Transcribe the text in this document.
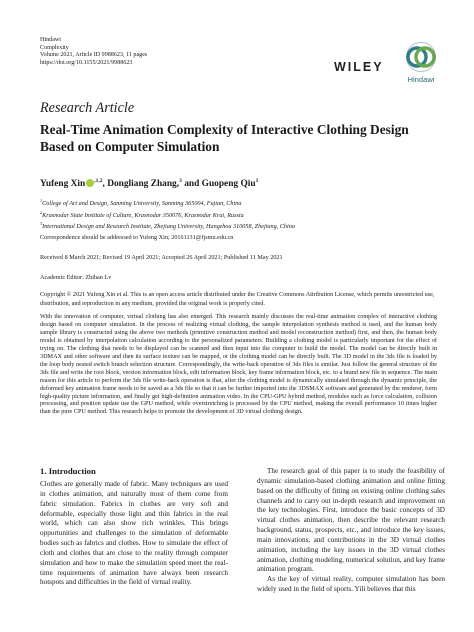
Hindawi
Complexity
Volume 2021, Article ID 9988623, 11 pages
https://doi.org/10.1155/2021/9988623	WILEY
Hindawi
Research Article
Real-Time Animation Complexity of Interactive Clothing Design Based on Computer Simulation
Yufeng Xin $^{,1,2}$, Dongliang Zhang,$^3$ and Guopeng Qiu$^1$
$^1$College of Art and Design, Sanming University, Sanming 365004, Fujian, China
$^2$Krasnodar State Institute of Culture, Krasnodar 350076, Krasnodar Krai, Russia
$^3$International Design and Research Institute, Zhejiang University, Hangzhou 310058, Zhejiang, China
Correspondence should be addressed to Yufeng Xin; 20161131@fjsmu.edu.cn
Received 8 March 2021; Revised 19 April 2021; Accepted 26 April 2021; Published 11 May 2021
Academic Editor: Zhihan Lv
Copyright © 2021 Yufeng Xin et al. This is an open access article distributed under the Creative Commons Attribution License, which permits unrestricted use, distribution, and reproduction in any medium, provided the original work is properly cited.
With the innovation of computer, virtual clothing has also emerged. This research mainly discusses the real-time animation complex of interactive clothing design based on computer simulation. In the process of realizing virtual clothing, the sample interpolation synthesis method is used, and the human body sample library is constructed using the above two methods (primitive construction method and model reconstruction method) first, and then, the human body model is obtained by interpolation calculation according to the personalized parameters. Building a clothing model is particularly important for the effect of trying on. The clothing that needs to be displayed can be scanned and then input into the computer to build the model. The model can be directly built in 3DMAX and other software and then its surface texture can be mapped, or the clothing model can be directly built. The 3D model in the 3ds file is loaded by the loop body nested switch branch selection structure. Correspondingly, the write-back operation of 3ds files is similar. Just follow the general structure of the 3ds file and write the root block, version information block, edit information block, key frame information block, etc. to a brand new file in sequence. The main reason for this article to perform the 3ds file write-back operation is that, after the clothing model is dynamically simulated through the dynamic principle, the deformed key animation frame needs to be saved as a 3ds file so that it can be further imported into the 3DSMAX software and generated by the renderer, form high-quality picture information, and finally get high-definition animation video. In the CPU-GPU hybrid method, modules such as force calculation, collision processing, and position update use the GPU method, while overstretching is processed by the CPU method, making the overall performance 10 times higher than the pure CPU method. This research helps to promote the development of 3D virtual clothing design.
1. Introduction

Clothes are generally made of fabric. Many techniques are used in clothes animation, and naturally most of them come from fabric simulation. Fabrics in clothes are very soft and deformable, especially those light and thin fabrics in the real world, which can also show rich wrinkles. This brings opportunities and challenges to the simulation of deformable bodies such as fabrics and clothes. How to simulate the effect of cloth and clothes that are close to the reality through computer simulation and how to make the simulation speed meet the real-time requirements of animation have always been research hotspots and difficulties in the field of virtual reality.

The research goal of this paper is to study the feasibility of dynamic simulation-based clothing animation and online fitting based on the difficulty of fitting on existing online clothing sales channels and to carry out in-depth research and improvement on the key technologies. First, introduce the basic concepts of 3D virtual clothes animation, then describe the relevant research background, status, prospects, etc., and introduce the key issues, main innovations, and contributions in the 3D virtual clothes animation, including the key issues in the 3D virtual clothes animation, clothing modeling, numerical solution, and key frame animation program.

As the key of virtual reality, computer simulation has been widely used in the field of sports. Yili believes that this
